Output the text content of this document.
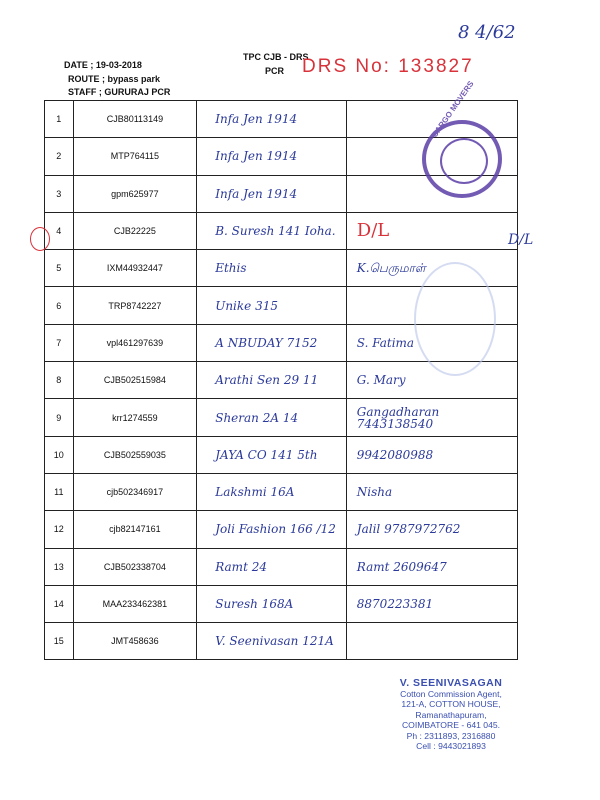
DATE ; 19-03-2018
ROUTE ; bypass park
STAFF ; GURURAJ PCR
TPC CJB - DRS
PCR DRS No: 133827
8 4/62
1	CJB80113149	Infa Jen 1914	

2	MTP764115	Infa Jen 1914	

3	gpm625977	Infa Jen 1914	

4	CJB22225	B. Suresh 141 Ioha.	D/L

5	IXM44932447	Ethis	K.பெருமாள்

6	TRP8742227	Unike 315	

7	vpl461297639	A NBUDAY 7152	S. Fatima

8	CJB502515984	Arathi Sen 29 11	G. Mary

9	krr1274559	Sheran 2A 14	Gangadharan 7443138540

10	CJB502559035	JAYA CO 141 5th	9942080988

11	cjb502346917	Lakshmi 16A	Nisha

12	cjb82147161	Joli Fashion 166 /12	Jalil 9787972762

13	CJB502338704	Ramt 24	Ramt 2609647

14	MAA233462381	Suresh 168A	8870223381

15	JMT458636	V. Seenivasan 121A	

D/L
CARGO MOVERS
V. SEENIVASAGAN
Cotton Commission Agent,
121-A, COTTON HOUSE,
Ramanathapuram,
COIMBATORE - 641 045.
Ph : 2311893, 2316880
Cell : 9443021893
